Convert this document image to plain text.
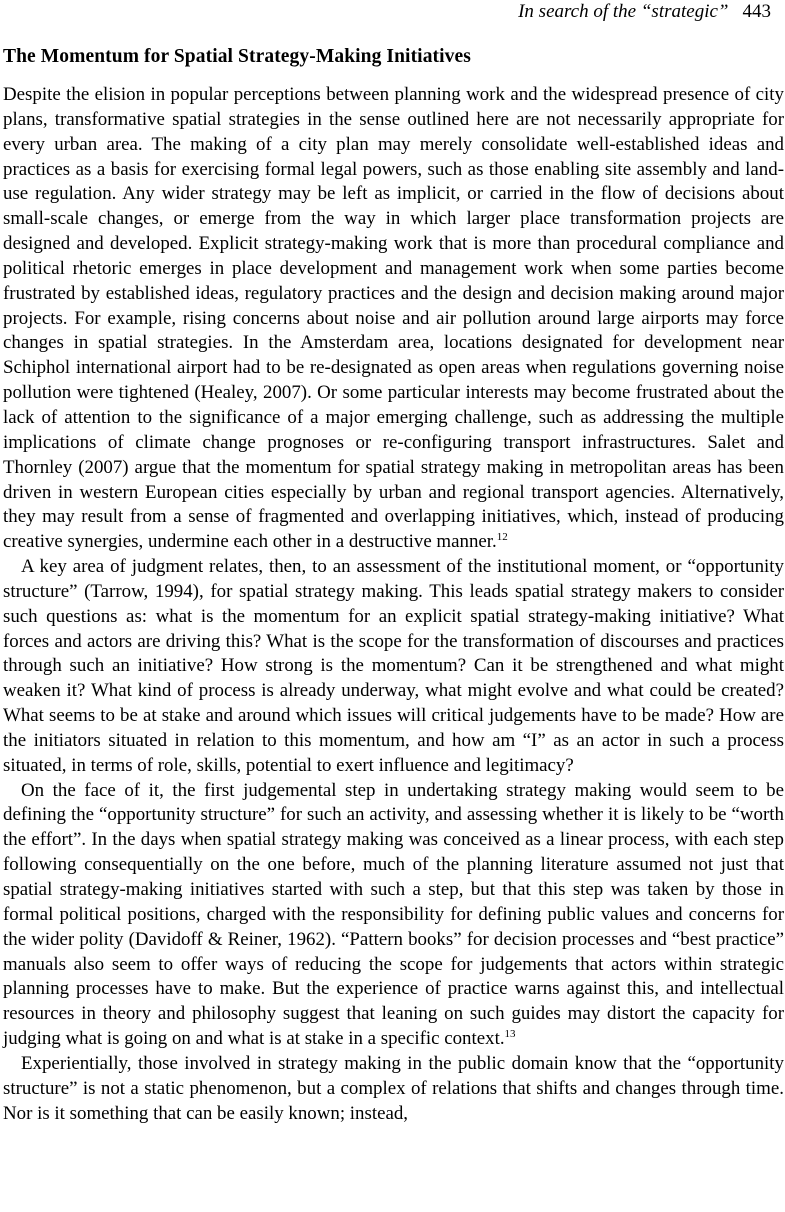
In search of the “strategic” 443
The Momentum for Spatial Strategy-Making Initiatives

Despite the elision in popular perceptions between planning work and the widespread presence of city plans, transformative spatial strategies in the sense outlined here are not necessarily appropriate for every urban area. The making of a city plan may merely consolidate well-established ideas and practices as a basis for exercising formal legal powers, such as those enabling site assembly and land-use regulation. Any wider strategy may be left as implicit, or carried in the flow of decisions about small-scale changes, or emerge from the way in which larger place transformation projects are designed and developed. Explicit strategy-making work that is more than procedural compliance and political rhetoric emerges in place development and management work when some parties become frustrated by established ideas, regulatory practices and the design and decision making around major projects. For example, rising concerns about noise and air pollution around large airports may force changes in spatial strategies. In the Amsterdam area, locations designated for development near Schiphol international airport had to be re-designated as open areas when regulations governing noise pollution were tightened (Healey, 2007). Or some particular interests may become frustrated about the lack of attention to the significance of a major emerging challenge, such as addressing the multiple implications of climate change prognoses or re-configuring transport infrastructures. Salet and Thornley (2007) argue that the momentum for spatial strategy making in metropolitan areas has been driven in western European cities especially by urban and regional transport agencies. Alternatively, they may result from a sense of fragmented and overlapping initiatives, which, instead of producing creative synergies, undermine each other in a destructive manner.$^{12}$

A key area of judgment relates, then, to an assessment of the institutional moment, or “opportunity structure” (Tarrow, 1994), for spatial strategy making. This leads spatial strategy makers to consider such questions as: what is the momentum for an explicit spatial strategy-making initiative? What forces and actors are driving this? What is the scope for the transformation of discourses and practices through such an initiative? How strong is the momentum? Can it be strengthened and what might weaken it? What kind of process is already underway, what might evolve and what could be created? What seems to be at stake and around which issues will critical judgements have to be made? How are the initiators situated in relation to this momentum, and how am “I” as an actor in such a process situated, in terms of role, skills, potential to exert influence and legitimacy?

On the face of it, the first judgemental step in undertaking strategy making would seem to be defining the “opportunity structure” for such an activity, and assessing whether it is likely to be “worth the effort”. In the days when spatial strategy making was conceived as a linear process, with each step following consequentially on the one before, much of the planning literature assumed not just that spatial strategy-making initiatives started with such a step, but that this step was taken by those in formal political positions, charged with the responsibility for defining public values and concerns for the wider polity (Davidoff & Reiner, 1962). “Pattern books” for decision processes and “best practice” manuals also seem to offer ways of reducing the scope for judgements that actors within strategic planning processes have to make. But the experience of practice warns against this, and intellectual resources in theory and philosophy suggest that leaning on such guides may distort the capacity for judging what is going on and what is at stake in a specific context.$^{13}$

Experientially, those involved in strategy making in the public domain know that the “opportunity structure” is not a static phenomenon, but a complex of relations that shifts and changes through time. Nor is it something that can be easily known; instead,
